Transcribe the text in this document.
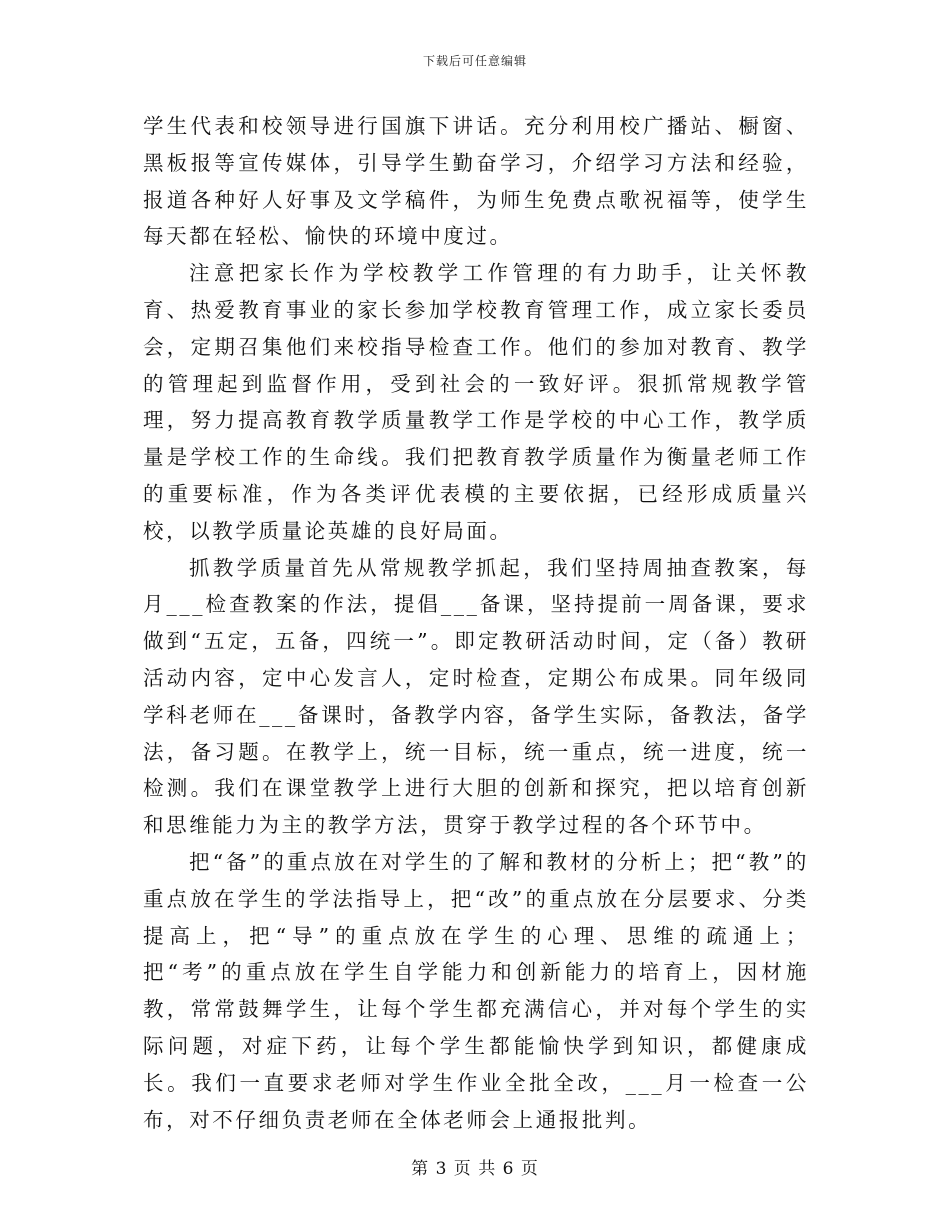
下载后可任意编辑

学生代表和校领导进行国旗下讲话。充分利用校广播站、橱窗、黑板报等宣传媒体，引导学生勤奋学习，介绍学习方法和经验，报道各种好人好事及文学稿件，为师生免费点歌祝福等，使学生每天都在轻松、愉快的环境中度过。

注意把家长作为学校教学工作管理的有力助手，让关怀教育、热爱教育事业的家长参加学校教育管理工作，成立家长委员会，定期召集他们来校指导检查工作。他们的参加对教育、教学的管理起到监督作用，受到社会的一致好评。狠抓常规教学管理，努力提高教育教学质量教学工作是学校的中心工作，教学质量是学校工作的生命线。我们把教育教学质量作为衡量老师工作的重要标准，作为各类评优表模的主要依据，已经形成质量兴校，以教学质量论英雄的良好局面。

抓教学质量首先从常规教学抓起，我们坚持周抽查教案，每月___检查教案的作法，提倡___备课，坚持提前一周备课，要求做到“五定，五备，四统一”。即定教研活动时间，定（备）教研活动内容，定中心发言人，定时检查，定期公布成果。同年级同学科老师在___备课时，备教学内容，备学生实际，备教法，备学法，备习题。在教学上，统一目标，统一重点，统一进度，统一检测。我们在课堂教学上进行大胆的创新和探究，把以培育创新和思维能力为主的教学方法，贯穿于教学过程的各个环节中。

把“备”的重点放在对学生的了解和教材的分析上；把“教”的重点放在学生的学法指导上，把“改”的重点放在分层要求、分类提高上，把“导”的重点放在学生的心理、思维的疏通上；把“考”的重点放在学生自学能力和创新能力的培育上，因材施教，常常鼓舞学生，让每个学生都充满信心，并对每个学生的实际问题，对症下药，让每个学生都能愉快学到知识，都健康成长。我们一直要求老师对学生作业全批全改，___月一检查一公布，对不仔细负责老师在全体老师会上通报批判。

第 3 页 共 6 页
